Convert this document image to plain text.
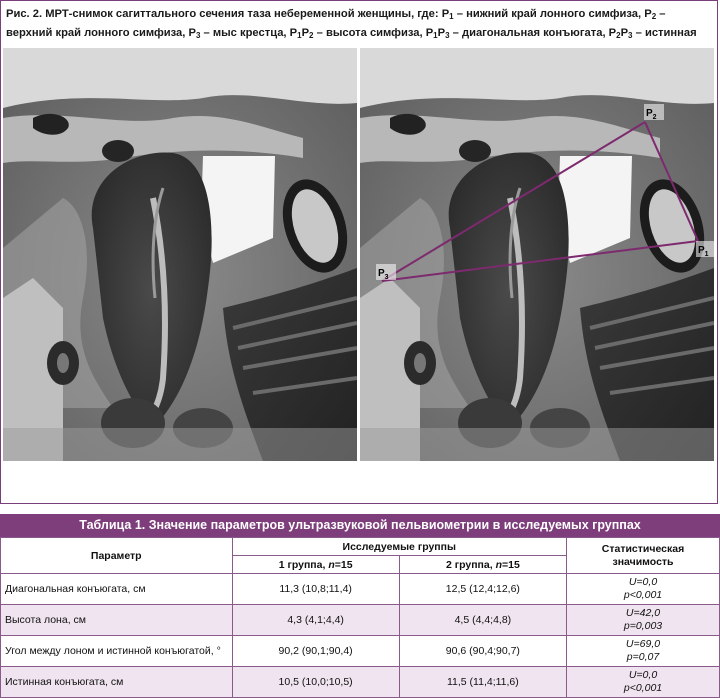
Рис. 2. МРТ-снимок сагиттального сечения таза небеременной женщины, где: $Р_1$ – нижний край лонного симфиза, $Р_2$ – верхний край лонного симфиза, $Р_3$ – мыс крестца, $Р_1Р_2$ – высота симфиза, $Р_1Р_3$ – диагональная конъюгата, $Р_2Р_3$ – истинная
$P_2$
$P_1$
$P_3$
Таблица 1. Значение параметров ультразвуковой пельвиометрии в исследуемых группах
Параметр	Исследуемые группы		Статистическая значимость
	1 группа, n=15	2 группа, n=15	
Диагональная конъюгата, см	11,3 (10,8;11,4)	12,5 (12,4;12,6)	U=0,0
p<0,001
Высота лона, см	4,3 (4,1;4,4)	4,5 (4,4;4,8)	U=42,0
p=0,003
Угол между лоном и истинной конъюгатой, °	90,2 (90,1;90,4)	90,6 (90,4;90,7)	U=69,0
p=0,07
Истинная конъюгата, см	10,5 (10,0;10,5)	11,5 (11,4;11,6)	U=0,0
p<0,001
